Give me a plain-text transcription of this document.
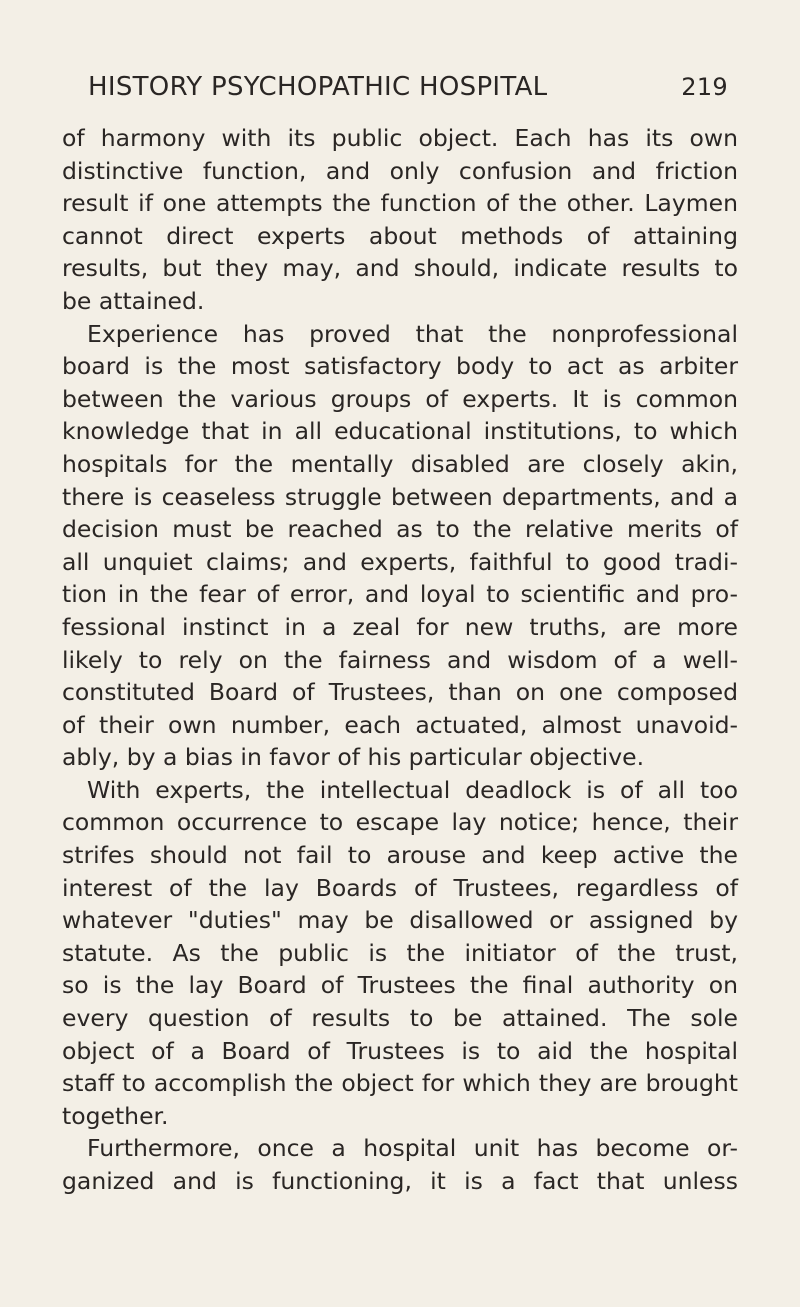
HISTORY PSYCHOPATHIC HOSPITAL	219
of harmony with its public object. Each has its own
distinctive function, and only confusion and friction
result if one attempts the function of the other. Laymen
cannot direct experts about methods of attaining
results, but they may, and should, indicate results to
be attained.
Experience has proved that the nonprofessional
board is the most satisfactory body to act as arbiter
between the various groups of experts. It is common
knowledge that in all educational institutions, to which
hospitals for the mentally disabled are closely akin,
there is ceaseless struggle between departments, and a
decision must be reached as to the relative merits of
all unquiet claims; and experts, faithful to good tradi-
tion in the fear of error, and loyal to scientific and pro-
fessional instinct in a zeal for new truths, are more
likely to rely on the fairness and wisdom of a well-
constituted Board of Trustees, than on one composed
of their own number, each actuated, almost unavoid-
ably, by a bias in favor of his particular objective.
With experts, the intellectual deadlock is of all too
common occurrence to escape lay notice; hence, their
strifes should not fail to arouse and keep active the
interest of the lay Boards of Trustees, regardless of
whatever "duties" may be disallowed or assigned by
statute. As the public is the initiator of the trust,
so is the lay Board of Trustees the final authority on
every question of results to be attained. The sole
object of a Board of Trustees is to aid the hospital
staff to accomplish the object for which they are brought
together.
Furthermore, once a hospital unit has become or-
ganized and is functioning, it is a fact that unless
